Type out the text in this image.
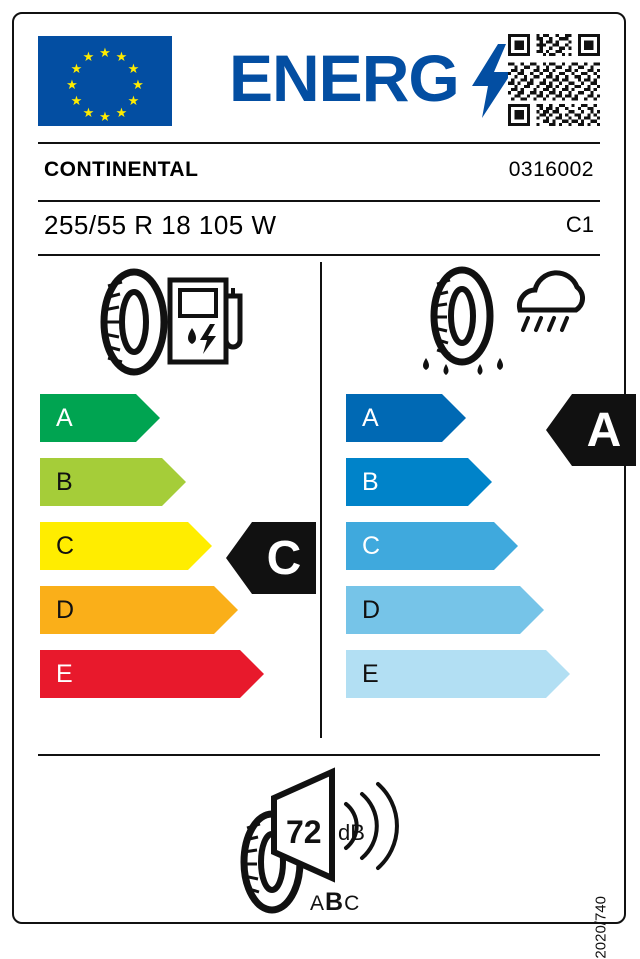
★ ★
★
★
★
★
★
★
★
★
★
★ ENERG
CONTINENTAL	0316002
255/55 R 18 105 W	C1
A
B
C
D
E
C
A
B
C
D
E
A
72 dB
ABC	2020/740
